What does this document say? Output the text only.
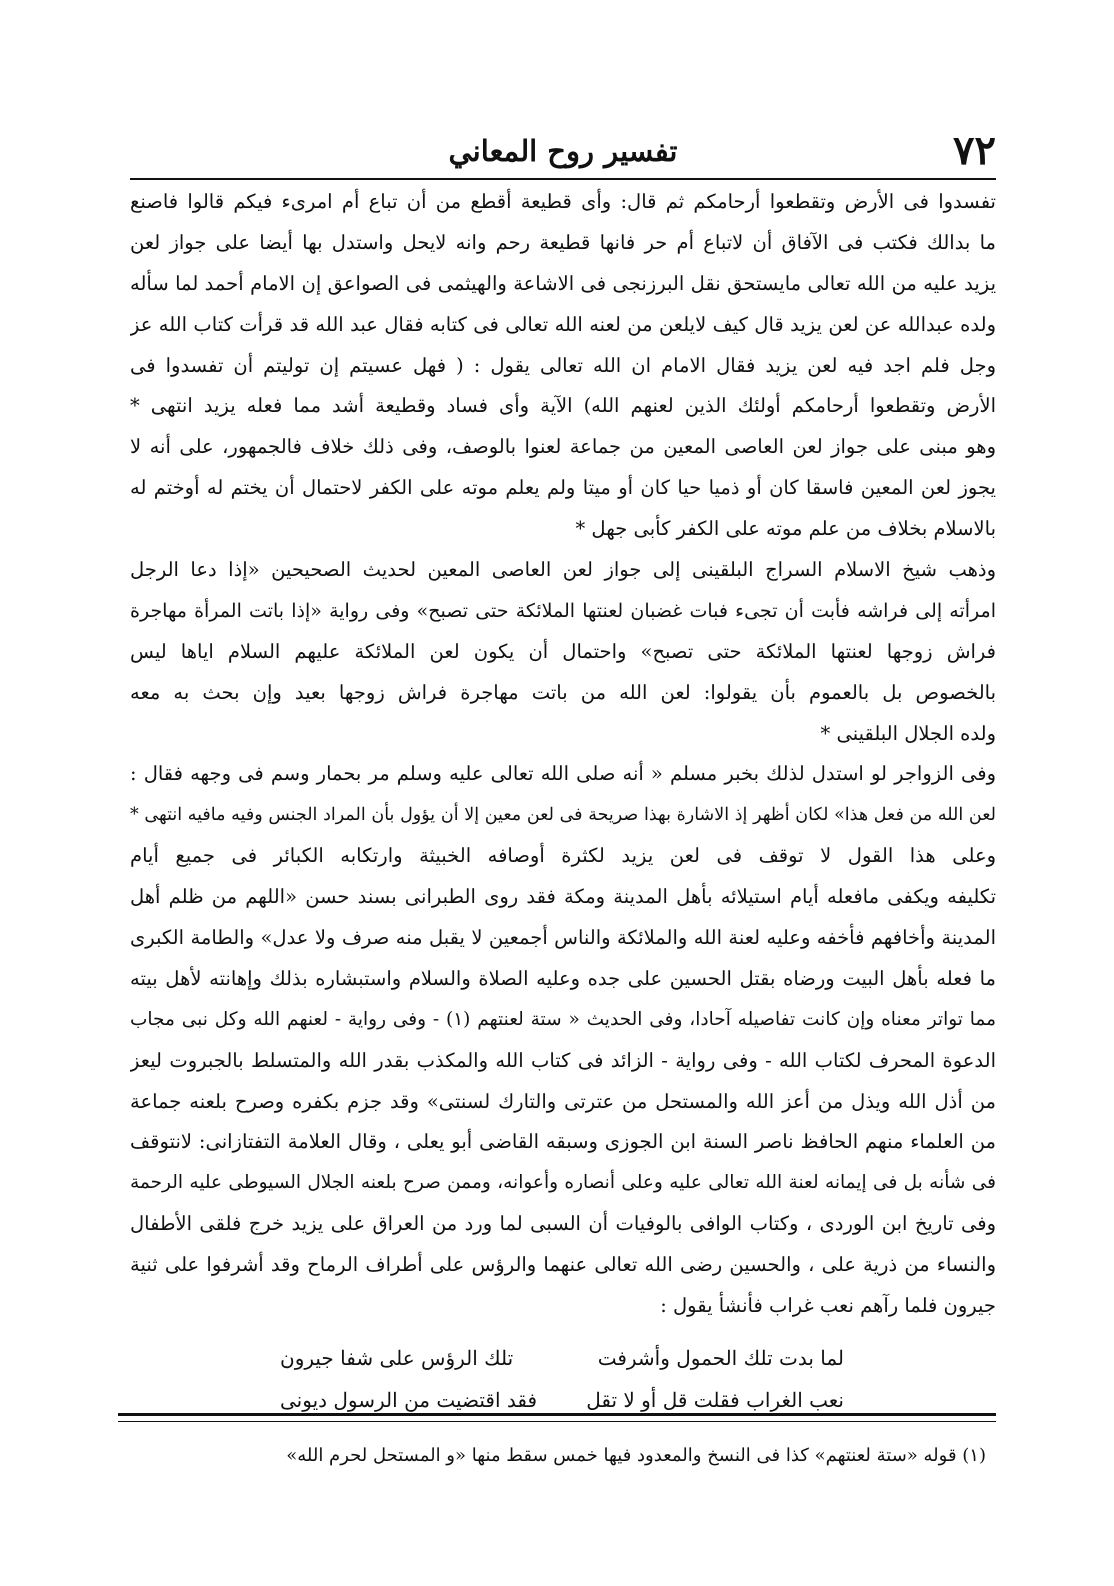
٧٢
تفسير روح المعاني
تفسدوا فى الأرض وتقطعوا أرحامكم ثم قال: وأى قطيعة أقطع من أن تباع أم امرىء فيكم قالوا فاصنع
ما بدالك فكتب فى الآفاق أن لاتباع أم حر فانها قطيعة رحم وانه لايحل واستدل بها أيضا على جواز لعن
يزيد عليه من الله تعالى مايستحق نقل البرزنجى فى الاشاعة والهيثمى فى الصواعق إن الامام أحمد لما سأله
ولده عبدالله عن لعن يزيد قال كيف لايلعن من لعنه الله تعالى فى كتابه فقال عبد الله قد قرأت كتاب الله عز
وجل فلم اجد فيه لعن يزيد فقال الامام ان الله تعالى يقول : ( فهل عسيتم إن توليتم أن تفسدوا فى
الأرض وتقطعوا أرحامكم أولئك الذين لعنهم الله) الآية وأى فساد وقطيعة أشد مما فعله يزيد انتهى *
وهو مبنى على جواز لعن العاصى المعين من جماعة لعنوا بالوصف، وفى ذلك خلاف فالجمهور، على أنه لا
يجوز لعن المعين فاسقا كان أو ذميا حيا كان أو ميتا ولم يعلم موته على الكفر لاحتمال أن يختم له أوختم له
بالاسلام بخلاف من علم موته على الكفر كأبى جهل *
وذهب شيخ الاسلام السراج البلقينى إلى جواز لعن العاصى المعين لحديث الصحيحين «إذا دعا الرجل
امرأته إلى فراشه فأبت أن تجىء فبات غضبان لعنتها الملائكة حتى تصبح» وفى رواية «إذا باتت المرأة مهاجرة
فراش زوجها لعنتها الملائكة حتى تصبح» واحتمال أن يكون لعن الملائكة عليهم السلام اياها ليس
بالخصوص بل بالعموم بأن يقولوا: لعن الله من باتت مهاجرة فراش زوجها بعيد وإن بحث به معه
ولده الجلال البلقينى *
وفى الزواجر لو استدل لذلك بخبر مسلم « أنه صلى الله تعالى عليه وسلم مر بحمار وسم فى وجهه فقال :
لعن الله من فعل هذا» لكان أظهر إذ الاشارة بهذا صريحة فى لعن معين إلا أن يؤول بأن المراد الجنس وفيه مافيه انتهى *
وعلى هذا القول لا توقف فى لعن يزيد لكثرة أوصافه الخبيثة وارتكابه الكبائر فى جميع أيام
تكليفه ويكفى مافعله أيام استيلائه بأهل المدينة ومكة فقد روى الطبرانى بسند حسن «اللهم من ظلم أهل
المدينة وأخافهم فأخفه وعليه لعنة الله والملائكة والناس أجمعين لا يقبل منه صرف ولا عدل» والطامة الكبرى
ما فعله بأهل البيت ورضاه بقتل الحسين على جده وعليه الصلاة والسلام واستبشاره بذلك وإهانته لأهل بيته
مما تواتر معناه وإن كانت تفاصيله آحادا، وفى الحديث « ستة لعنتهم (١) - وفى رواية - لعنهم الله وكل نبى مجاب
الدعوة المحرف لكتاب الله - وفى رواية - الزائد فى كتاب الله والمكذب بقدر الله والمتسلط بالجبروت ليعز
من أذل الله ويذل من أعز الله والمستحل من عترتى والتارك لسنتى» وقد جزم بكفره وصرح بلعنه جماعة
من العلماء منهم الحافظ ناصر السنة ابن الجوزى وسبقه القاضى أبو يعلى ، وقال العلامة التفتازانى: لانتوقف
فى شأنه بل فى إيمانه لعنة الله تعالى عليه وعلى أنصاره وأعوانه، وممن صرح بلعنه الجلال السيوطى عليه الرحمة
وفى تاريخ ابن الوردى ، وكتاب الوافى بالوفيات أن السبى لما ورد من العراق على يزيد خرج فلقى الأطفال
والنساء من ذرية على ، والحسين رضى الله تعالى عنهما والرؤس على أطراف الرماح وقد أشرفوا على ثنية
جيرون فلما رآهم نعب غراب فأنشأ يقول :
لما بدت تلك الحمول وأشرفت
تلك الرؤس على شفا جيرون
نعب الغراب فقلت قل أو لا تقل
فقد اقتضيت من الرسول ديونى
(١) قوله «ستة لعنتهم» كذا فى النسخ والمعدود فيها خمس سقط منها «و المستحل لحرم الله»
